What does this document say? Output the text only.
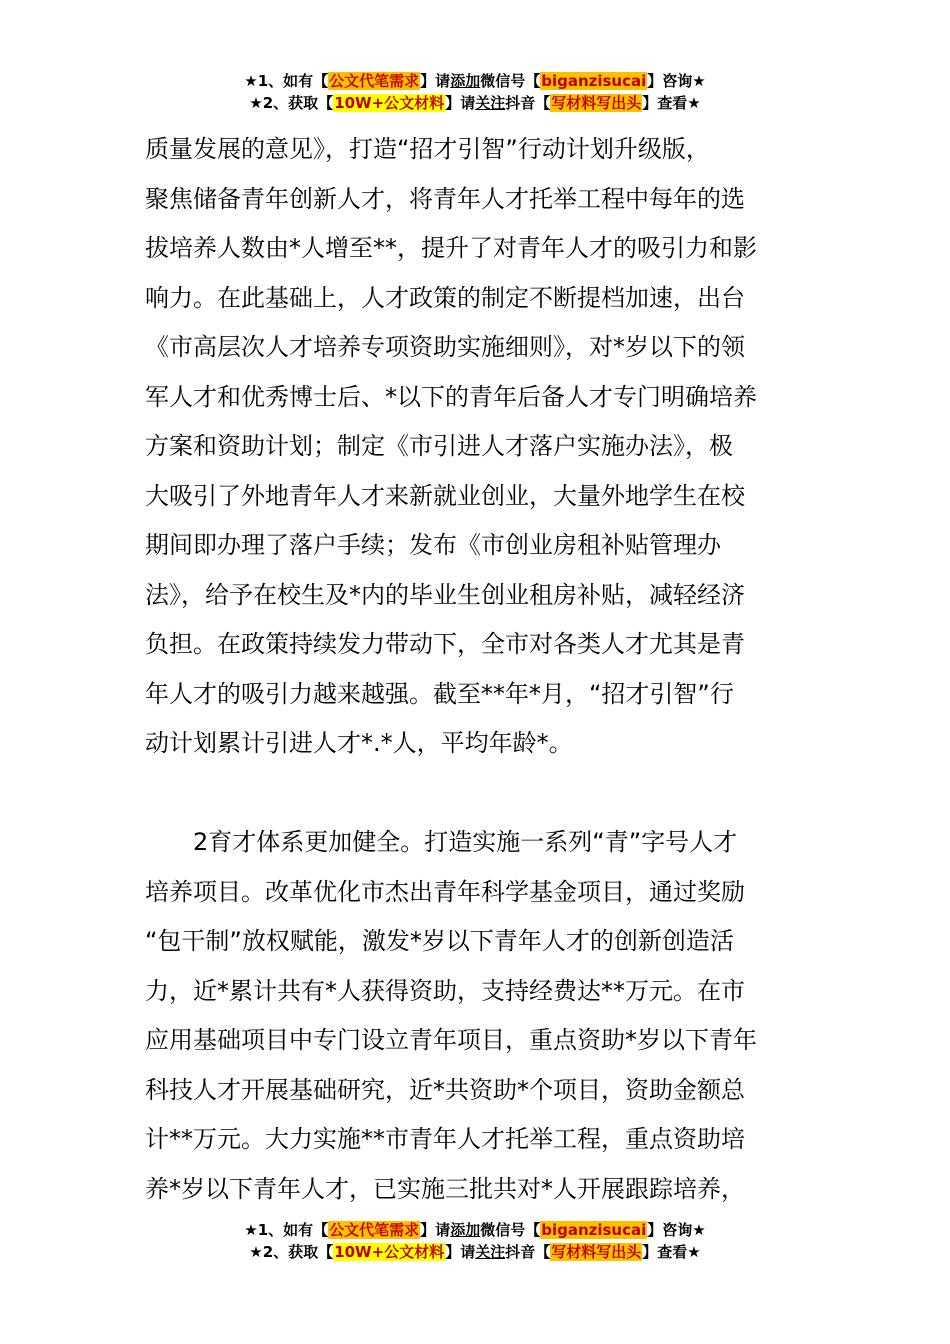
★1、如有【公文代笔需求】请添加微信号【biganzisucai】咨询★
★2、获取【10W+公文材料】请关注抖音【写材料写出头】查看★
质量发展的意见》，打造“招才引智”行动计划升级版，
聚焦储备青年创新人才，将青年人才托举工程中每年的选
拔培养人数由*人增至**，提升了对青年人才的吸引力和影
响力。在此基础上，人才政策的制定不断提档加速，出台
《市高层次人才培养专项资助实施细则》，对*岁以下的领
军人才和优秀博士后、*以下的青年后备人才专门明确培养
方案和资助计划；制定《市引进人才落户实施办法》，极
大吸引了外地青年人才来新就业创业，大量外地学生在校
期间即办理了落户手续；发布《市创业房租补贴管理办
法》，给予在校生及*内的毕业生创业租房补贴，减轻经济
负担。在政策持续发力带动下，全市对各类人才尤其是青
年人才的吸引力越来越强。截至**年*月，“招才引智”行
动计划累计引进人才*.*人，平均年龄*。
　　2育才体系更加健全。打造实施一系列“青”字号人才
培养项目。改革优化市杰出青年科学基金项目，通过奖励
“包干制”放权赋能，激发*岁以下青年人才的创新创造活
力，近*累计共有*人获得资助，支持经费达**万元。在市
应用基础项目中专门设立青年项目，重点资助*岁以下青年
科技人才开展基础研究，近*共资助*个项目，资助金额总
计**万元。大力实施**市青年人才托举工程，重点资助培
养*岁以下青年人才，已实施三批共对*人开展跟踪培养，
★1、如有【公文代笔需求】请添加微信号【biganzisucai】咨询★
★2、获取【10W+公文材料】请关注抖音【写材料写出头】查看★
